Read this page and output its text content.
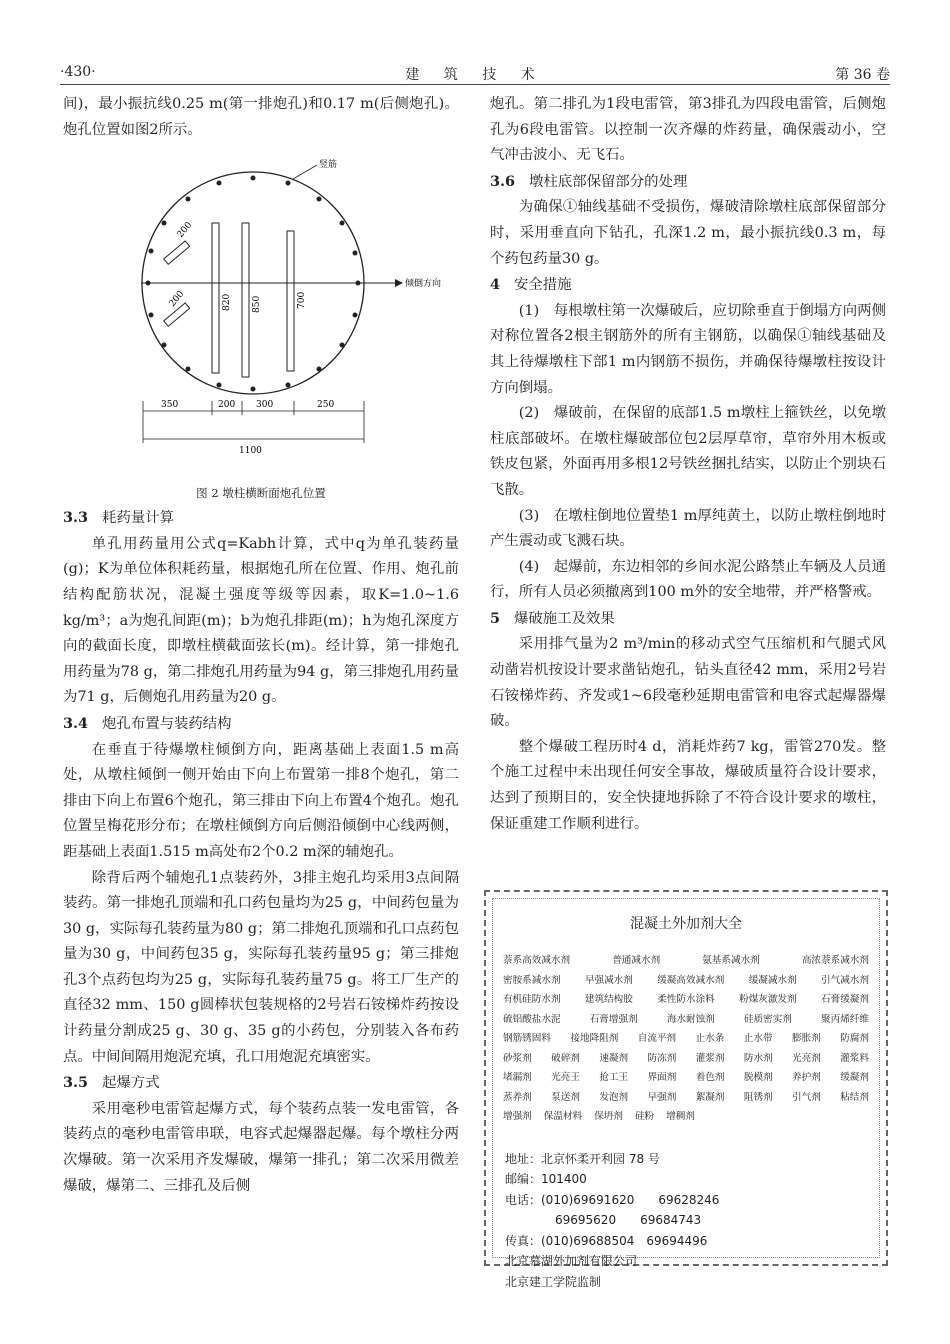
·430·	建 筑 技 术	第 36 卷

间)，最小振抗线0.25 m(第一排炮孔)和0.17 m(后侧炮孔)。炮孔位置如图2所示。

倾倒方向
竖筋
820 850	700
200
200
350	200 300	250
1100
图 2 墩柱横断面炮孔位置
3.3 耗药量计算

单孔用药量用公式q=Kabh计算，式中q为单孔装药量(g)；K为单位体积耗药量，根据炮孔所在位置、作用、炮孔前结构配筋状况，混凝土强度等级等因素，取K=1.0~1.6 kg/m³；a为炮孔间距(m)；b为炮孔排距(m)；h为炮孔深度方向的截面长度，即墩柱横截面弦长(m)。经计算，第一排炮孔用药量为78 g，第二排炮孔用药量为94 g，第三排炮孔用药量为71 g，后侧炮孔用药量为20 g。

3.4 炮孔布置与装药结构

在垂直于待爆墩柱倾倒方向，距离基础上表面1.5 m高处，从墩柱倾倒一侧开始由下向上布置第一排8个炮孔，第二排由下向上布置6个炮孔，第三排由下向上布置4个炮孔。炮孔位置呈梅花形分布；在墩柱倾倒方向后侧沿倾倒中心线两侧，距基础上表面1.515 m高处布2个0.2 m深的辅炮孔。

除背后两个辅炮孔1点装药外，3排主炮孔均采用3点间隔装药。第一排炮孔顶端和孔口药包量均为25 g，中间药包量为30 g，实际每孔装药量为80 g；第二排炮孔顶端和孔口点药包量为30 g，中间药包35 g，实际每孔装药量95 g；第三排炮孔3个点药包均为25 g，实际每孔装药量75 g。将工厂生产的直径32 mm、150 g圆棒状包装规格的2号岩石铵梯炸药按设计药量分割成25 g、30 g、35 g的小药包，分别装入各布药点。中间间隔用炮泥充填，孔口用炮泥充填密实。

3.5 起爆方式

采用毫秒电雷管起爆方式，每个装药点装一发电雷管，各装药点的毫秒电雷管串联，电容式起爆器起爆。每个墩柱分两次爆破。第一次采用齐发爆破，爆第一排孔；第二次采用微差爆破，爆第二、三排孔及后侧

炮孔。第二排孔为1段电雷管，第3排孔为四段电雷管，后侧炮孔为6段电雷管。以控制一次齐爆的炸药量，确保震动小，空气冲击波小、无飞石。

3.6 墩柱底部保留部分的处理

为确保①轴线基础不受损伤，爆破清除墩柱底部保留部分时，采用垂直向下钻孔，孔深1.2 m，最小振抗线0.3 m，每个药包药量30 g。

4 安全措施

(1)　每根墩柱第一次爆破后，应切除垂直于倒塌方向两侧对称位置各2根主钢筋外的所有主钢筋，以确保①轴线基础及其上待爆墩柱下部1 m内钢筋不损伤，并确保待爆墩柱按设计方向倒塌。

(2)　爆破前，在保留的底部1.5 m墩柱上箍铁丝，以免墩柱底部破坏。在墩柱爆破部位包2层厚草帘，草帘外用木板或铁皮包紧，外面再用多根12号铁丝捆扎结实，以防止个别块石飞散。

(3)　在墩柱倒地位置垫1 m厚纯黄土，以防止墩柱倒地时产生震动或飞溅石块。

(4)　起爆前，东边相邻的乡间水泥公路禁止车辆及人员通行，所有人员必须撤离到100 m外的安全地带，并严格警戒。

5 爆破施工及效果

采用排气量为2 m³/min的移动式空气压缩机和气腿式风动凿岩机按设计要求凿钻炮孔，钻头直径42 mm，采用2号岩石铵梯炸药、齐发或1~6段毫秒延期电雷管和电容式起爆器爆破。

整个爆破工程历时4 d，消耗炸药7 kg，雷管270发。整个施工过程中未出现任何安全事故，爆破质量符合设计要求，达到了预期目的，安全快捷地拆除了不符合设计要求的墩柱，保证重建工作顺利进行。

混凝土外加剂大全
萘系高效减水剂	普通减水剂	氨基系减水剂	高浓萘系减水剂
密胺系减水剂	早强减水剂	缓凝高效减水剂	缓凝减水剂	引气减水剂
有机硅防水剂	建筑结构胶	柔性防水涂料	粉煤灰激发剂	石膏缓凝剂
硫铝酸盐水泥	石膏增强剂	海水耐蚀剂	硅质密实剂	聚丙烯纤维
钢筋锈固料 接地降阻剂 自流平剂 止水条 止水带 膨胀剂 防腐剂
砂浆剂 破碎剂 速凝剂 防冻剂 灌浆剂 防水剂 光亮剂 灌浆料
堵漏剂 光亮王 抢工王 界面剂 着色剂 脱模剂 养护剂 缓凝剂
蒸养剂 泵送剂 发泡剂 早强剂 絮凝剂 阻锈剂 引气剂 粘结剂
增强剂 保温材料 保坍剂 硅粉 增稠剂
地址：北京怀柔开利园 78 号
邮编：101400
电话：(010)69691620　　69628246
69695620　　69684743
传真：(010)69688504　69694496
北京慕湖外加剂有限公司
北京建工学院监制
